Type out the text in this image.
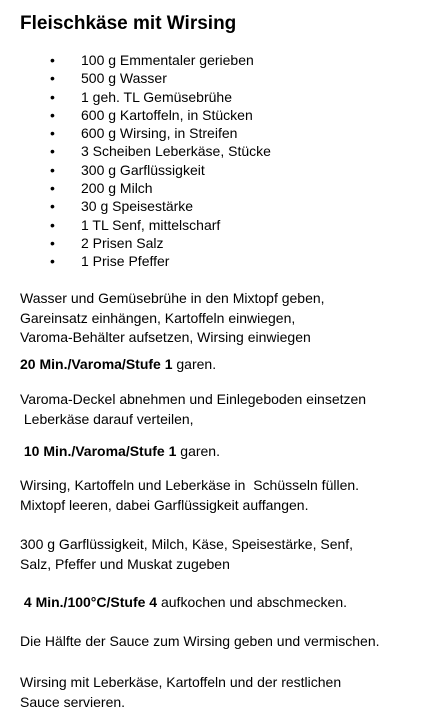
Fleischkäse mit Wirsing
• 100 g Emmentaler gerieben
• 500 g Wasser
• 1 geh. TL Gemüsebrühe
• 600 g Kartoffeln, in Stücken
• 600 g Wirsing, in Streifen
• 3 Scheiben Leberkäse, Stücke
• 300 g Garflüssigkeit
• 200 g Milch
• 30 g Speisestärke
• 1 TL Senf, mittelscharf
• 2 Prisen Salz
• 1 Prise Pfeffer
Wasser und Gemüsebrühe in den Mixtopf geben,
Gareinsatz einhängen, Kartoffeln einwiegen,
Varoma-Behälter aufsetzen, Wirsing einwiegen
20 Min./Varoma/Stufe 1 garen.
Varoma-Deckel abnehmen und Einlegeboden einsetzen
Leberkäse darauf verteilen,
10 Min./Varoma/Stufe 1 garen.
Wirsing, Kartoffeln und Leberkäse in  Schüsseln füllen.
Mixtopf leeren, dabei Garflüssigkeit auffangen.
300 g Garflüssigkeit, Milch, Käse, Speisestärke, Senf,
Salz, Pfeffer und Muskat zugeben
4 Min./100°C/Stufe 4 aufkochen und abschmecken.
Die Hälfte der Sauce zum Wirsing geben und vermischen.
Wirsing mit Leberkäse, Kartoffeln und der restlichen
Sauce servieren.
